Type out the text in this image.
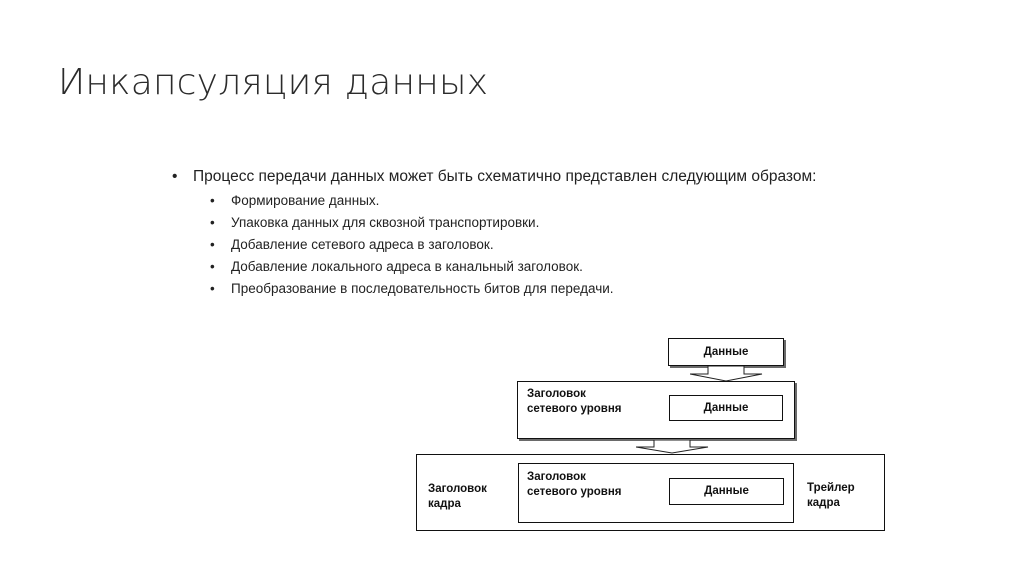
Инкапсуляция данных
• Процесс передачи данных может быть схематично представлен следующим образом:
• Формирование данных.
• Упаковка данных для сквозной транспортировки.
• Добавление сетевого адреса в заголовок.
• Добавление локального адреса в канальный заголовок.
• Преобразование в последовательность битов для передачи.
Данные
Заголовок сетевого уровня	Данные
Заголовок кадра
Заголовок сетевого уровня	Данные	Трейлер кадра
